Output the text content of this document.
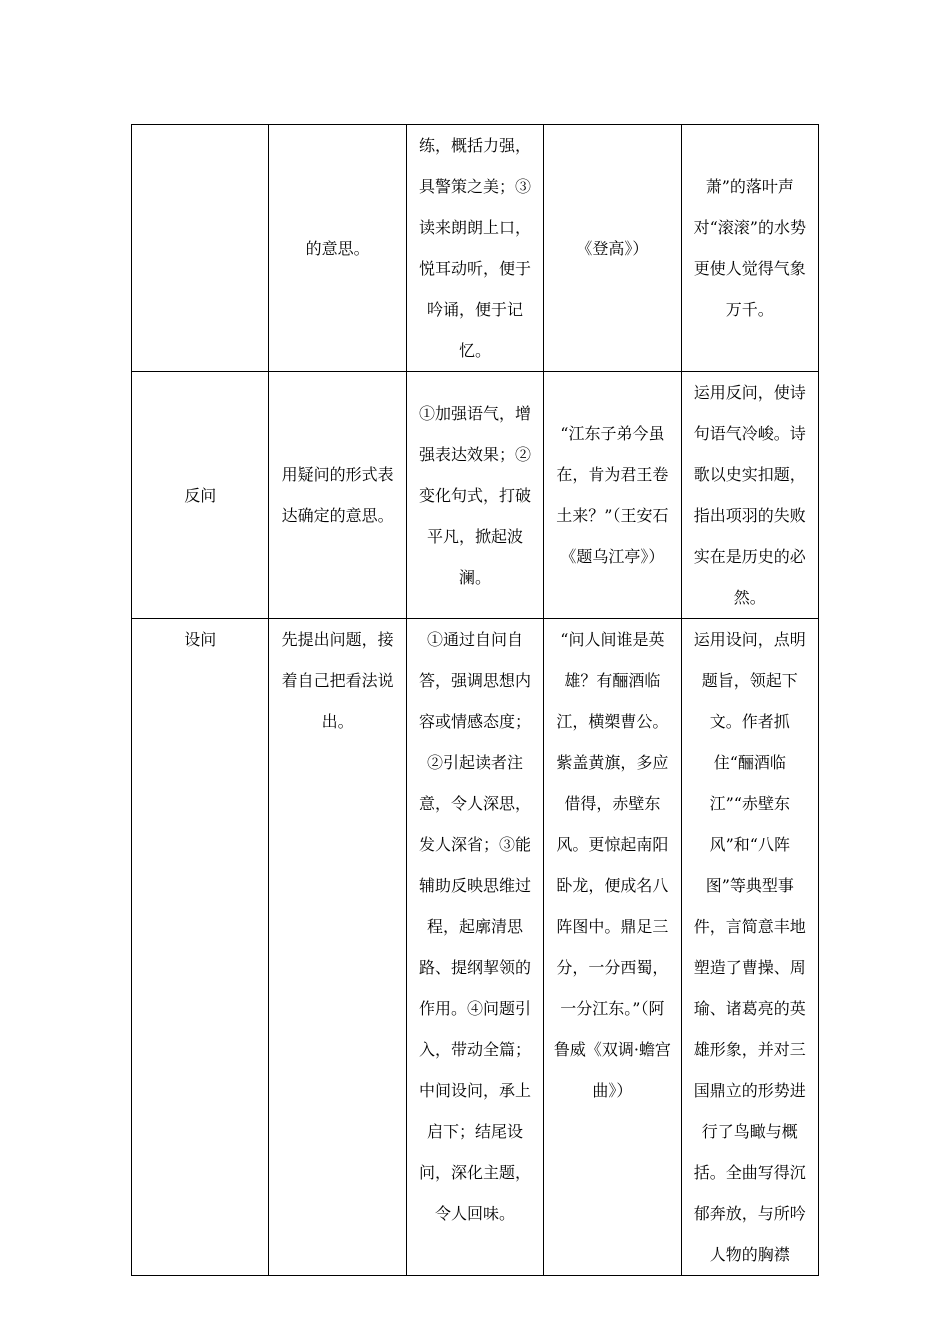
	的意思。	练，概括力强，具警策之美；③读来朗朗上口，悦耳动听，便于吟诵，便于记忆。	《登高》）	萧”的落叶声对“滚滚”的水势更使人觉得气象万千。

反问	用疑问的形式表达确定的意思。	①加强语气，增强表达效果；②变化句式，打破平凡，掀起波澜。	“江东子弟今虽在，肯为君王卷土来？”（王安石《题乌江亭》）	运用反问，使诗句语气冷峻。诗歌以史实扣题，指出项羽的失败实在是历史的必然。

设问	先提出问题，接着自己把看法说出。	①通过自问自答，强调思想内容或情感态度；②引起读者注意，令人深思，发人深省；③能辅助反映思维过程，起廓清思路、提纲挈领的作用。④问题引入，带动全篇；中间设问，承上启下；结尾设问，深化主题，令人回味。	“问人间谁是英雄？有酾酒临江，横槊曹公。紫盖黄旗，多应借得，赤壁东风。更惊起南阳卧龙，便成名八阵图中。鼎足三分，一分西蜀，一分江东。”（阿鲁威《双调·蟾宫曲》）	运用设问，点明题旨，领起下文。作者抓住“酾酒临江”“赤壁东风”和“八阵图”等典型事件，言简意丰地塑造了曹操、周瑜、诸葛亮的英雄形象，并对三国鼎立的形势进行了鸟瞰与概括。全曲写得沉郁奔放，与所吟人物的胸襟
